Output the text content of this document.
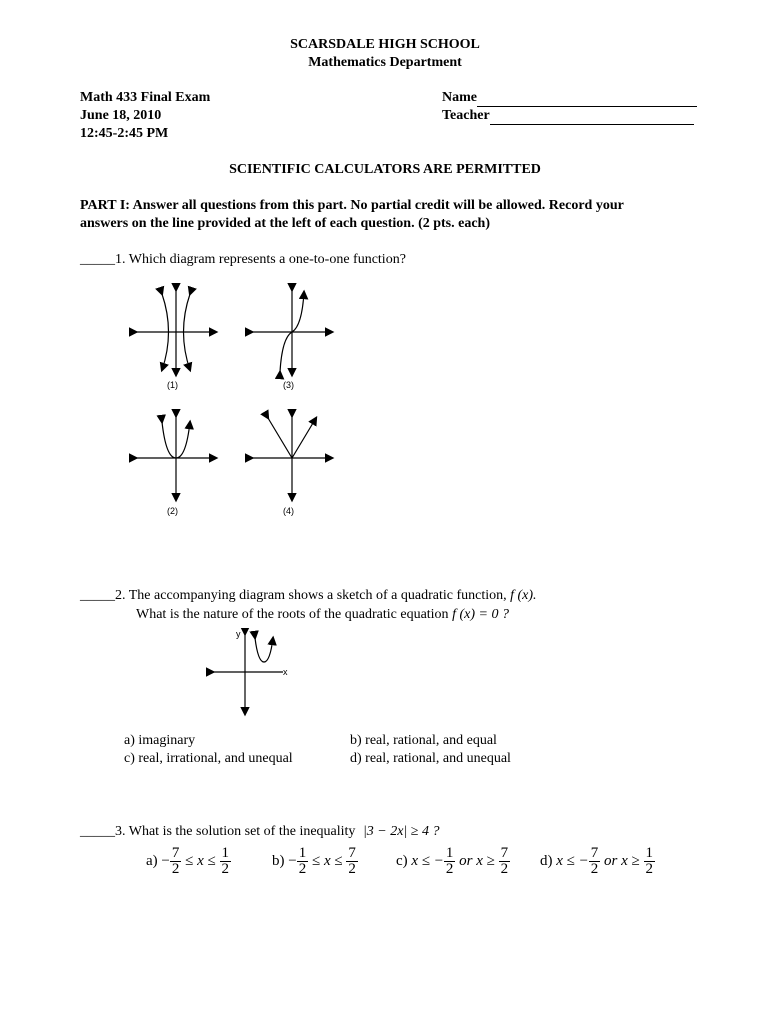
SCARSDALE HIGH SCHOOL
Mathematics Department
Math 433 Final Exam
June 18, 2010
12:45-2:45 PM
Name
Teacher
SCIENTIFIC CALCULATORS ARE PERMITTED
PART I: Answer all questions from this part. No partial credit will be allowed. Record your
answers on the line provided at the left of each question. (2 pts. each)
_____1. Which diagram represents a one-to-one function?
(1)	(3)
(2)	(4)
_____2. The accompanying diagram shows a sketch of a quadratic function, f (x).
What is the nature of the roots of the quadratic equation f (x) = 0 ?
y
x
a) imaginary	b) real, rational, and equal
c) real, irrational, and unequal	d) real, rational, and unequal
_____3. What is the solution set of the inequality |3 − 2x| ≥ 4 ?
$a) - \frac{7}{2} \le x \le \frac{1}{2}$	$b) - \frac{1}{2} \le x \le \frac{7}{2}$	c) x ≤ − $\frac{1}{2}$ or $x \ge \frac{7}{2} d$) x ≤ − $\frac{7}{2}$ or $x \ge \frac{1}{2}$
